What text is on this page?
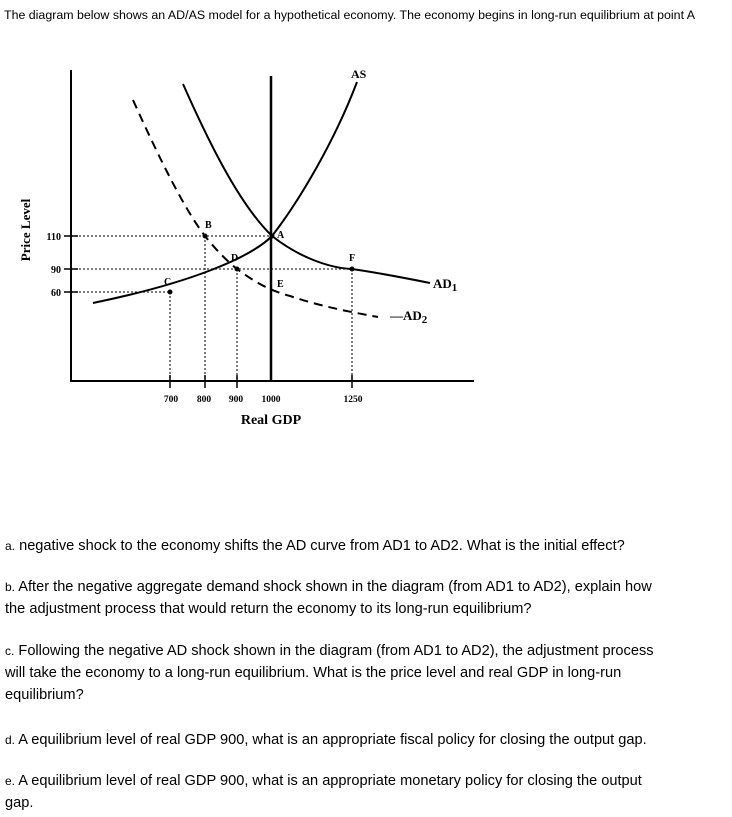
The diagram below shows an AD/AS model for a hypothetical economy. The economy begins in long-run equilibrium at point A
A
B
D
C	E
F
AS
$AD_1$
$—AD_2$
110
90
60
700 800 900 1000	1250
Real GDP
Price Level
a. negative shock to the economy shifts the AD curve from AD1 to AD2. What is the initial effect?
b. After the negative aggregate demand shock shown in the diagram (from AD1 to AD2), explain how
the adjustment process that would return the economy to its long-run equilibrium?
c. Following the negative AD shock shown in the diagram (from AD1 to AD2), the adjustment process
will take the economy to a long-run equilibrium. What is the price level and real GDP in long-run
equilibrium?
d. A equilibrium level of real GDP 900, what is an appropriate fiscal policy for closing the output gap.
e. A equilibrium level of real GDP 900, what is an appropriate monetary policy for closing the output
gap.
